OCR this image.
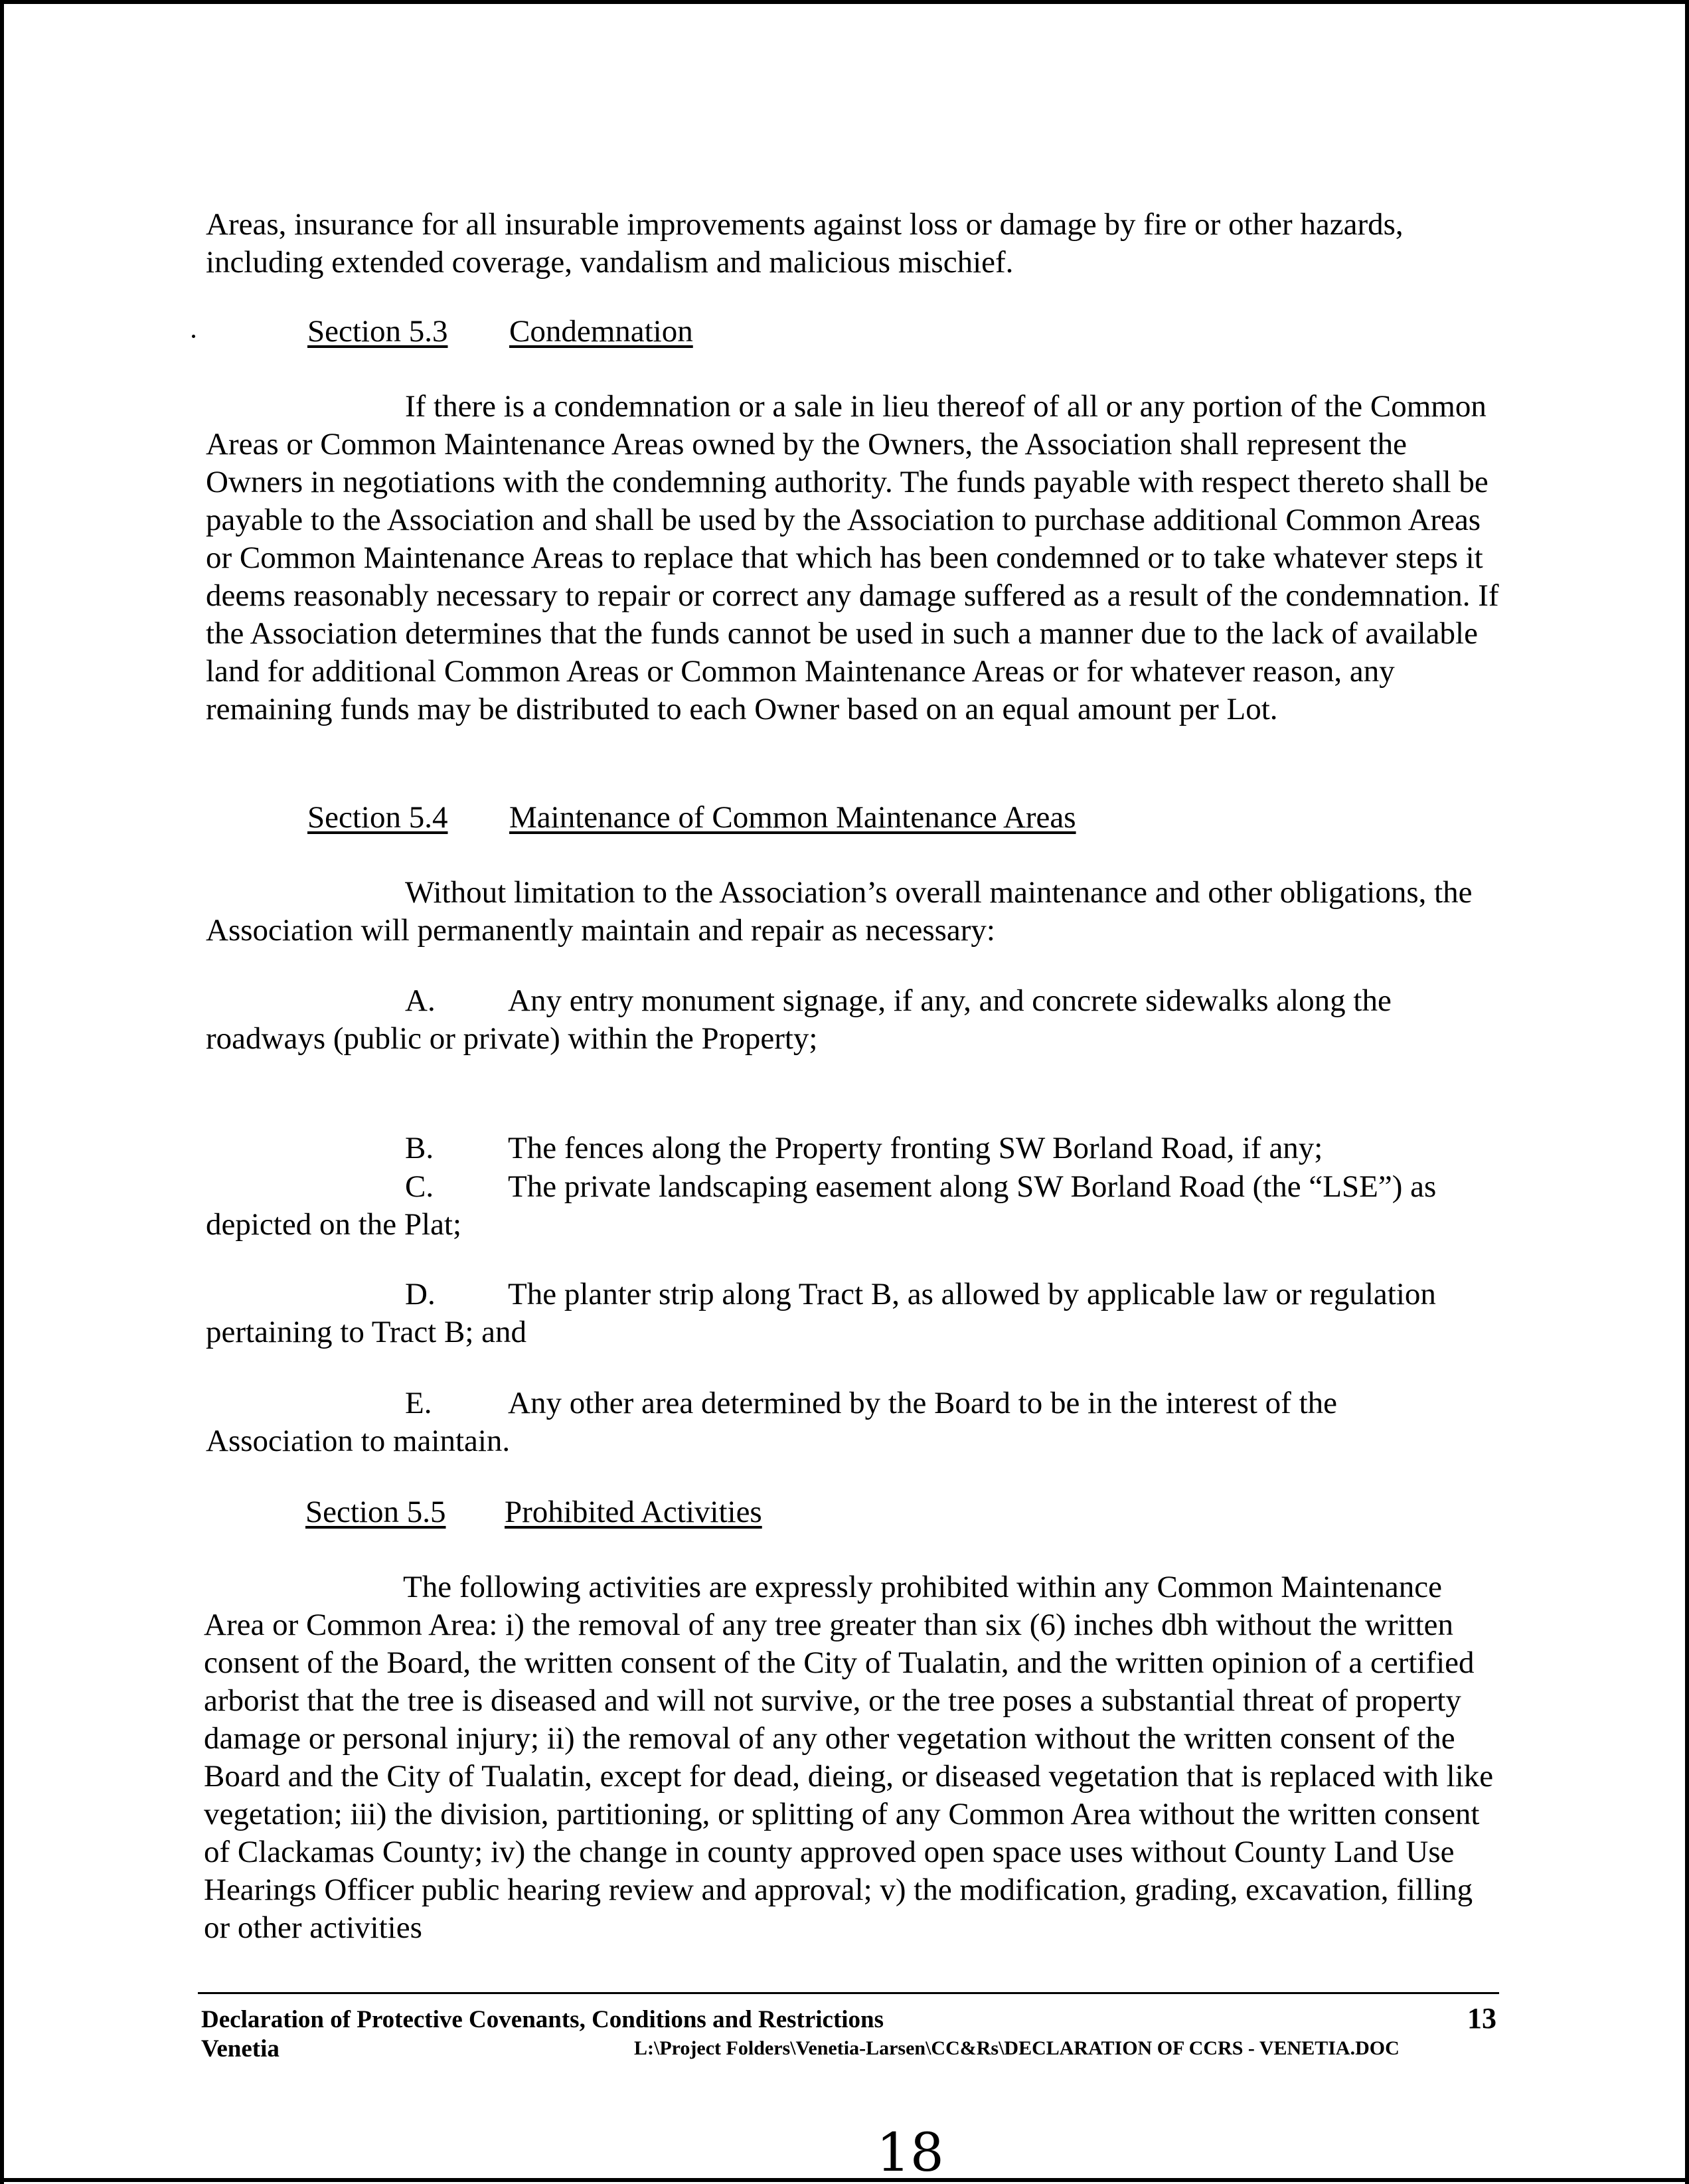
Areas, insurance for all insurable improvements against loss or damage by fire or other hazards, including extended coverage, vandalism and malicious mischief.
Section 5.3 Condemnation
If there is a condemnation or a sale in lieu thereof of all or any portion of the Common Areas or Common Maintenance Areas owned by the Owners, the Association shall represent the Owners in negotiations with the condemning authority. The funds payable with respect thereto shall be payable to the Association and shall be used by the Association to purchase additional Common Areas or Common Maintenance Areas to replace that which has been condemned or to take whatever steps it deems reasonably necessary to repair or correct any damage suffered as a result of the condemnation. If the Association determines that the funds cannot be used in such a manner due to the lack of available land for additional Common Areas or Common Maintenance Areas or for whatever reason, any remaining funds may be distributed to each Owner based on an equal amount per Lot.
Section 5.4 Maintenance of Common Maintenance Areas
Without limitation to the Association’s overall maintenance and other obligations, the Association will permanently maintain and repair as necessary:
A. Any entry monument signage, if any, and concrete sidewalks along the
roadways (public or private) within the Property;
B. The fences along the Property fronting SW Borland Road, if any;
C. The private landscaping easement along SW Borland Road (the “LSE”) as
depicted on the Plat;
D. The planter strip along Tract B, as allowed by applicable law or regulation
pertaining to Tract B; and
E. Any other area determined by the Board to be in the interest of the
Association to maintain.
Section 5.5 Prohibited Activities
The following activities are expressly prohibited within any Common Maintenance Area or Common Area: i) the removal of any tree greater than six (6) inches dbh without the written consent of the Board, the written consent of the City of Tualatin, and the written opinion of a certified arborist that the tree is diseased and will not survive, or the tree poses a substantial threat of property damage or personal injury; ii) the removal of any other vegetation without the written consent of the Board and the City of Tualatin, except for dead, dieing, or diseased vegetation that is replaced with like vegetation; iii) the division, partitioning, or splitting of any Common Area without the written consent of Clackamas County; iv) the change in county approved open space uses without County Land Use Hearings Officer public hearing review and approval; v) the modification, grading, excavation, filling or other activities
Declaration of Protective Covenants, Conditions and Restrictions	13
Venetia	L:\Project Folders\Venetia-Larsen\CC&Rs\DECLARATION OF CCRS - VENETIA.DOC
18
